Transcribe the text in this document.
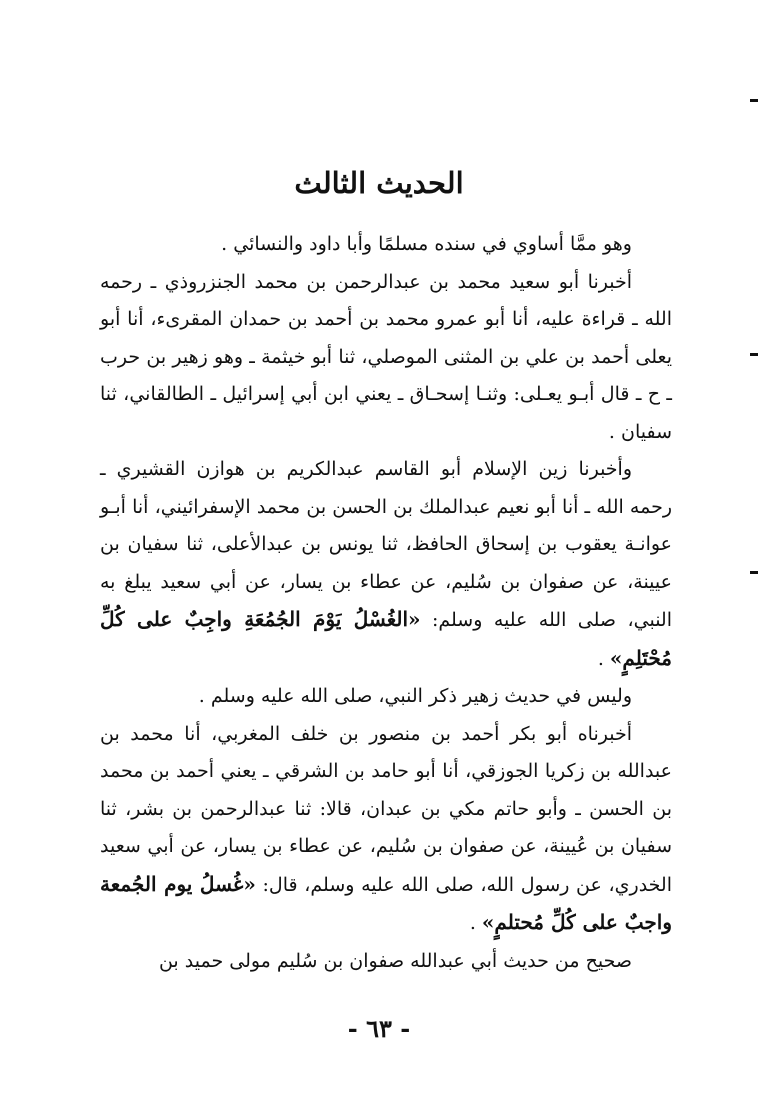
الحديث الثالث

وهو ممَّا أساوي في سنده مسلمًا وأبا داود والنسائي .

أخبرنا أبو سعيد محمد بن عبدالرحمن بن محمد الجنزروذي ـ رحمه الله ـ قراءة عليه، أنا أبو عمرو محمد بن أحمد بن حمدان المقرىء، أنا أبو يعلى أحمد بن علي بن المثنى الموصلي، ثنا أبو خيثمة ـ وهو زهير بن حرب ـ ح ـ قال أبـو يعـلى: وثنـا إسحـاق ـ يعني ابن أبي إسرائيل ـ الطالقاني، ثنا سفيان .

وأخبرنا زين الإسلام أبو القاسم عبدالكريم بن هوازن القشيري ـ رحمه الله ـ أنا أبو نعيم عبدالملك بن الحسن بن محمد الإسفرائيني، أنا أبـو عوانـة يعقوب بن إسحاق الحافظ، ثنا يونس بن عبدالأعلى، ثنا سفيان بن عيينة، عن صفوان بن سُليم، عن عطاء بن يسار، عن أبي سعيد يبلغ به النبي، صلى الله عليه وسلم: «الغُسْلُ يَوْمَ الجُمُعَةِ واجِبٌ على كُلِّ مُحْتَلِمٍ» .

وليس في حديث زهير ذكر النبي، صلى الله عليه وسلم .

أخبرناه أبو بكر أحمد بن منصور بن خلف المغربي، أنا محمد بن عبدالله بن زكريا الجوزقي، أنا أبو حامد بن الشرقي ـ يعني أحمد بن محمد بن الحسن ـ وأبو حاتم مكي بن عبدان، قالا: ثنا عبدالرحمن بن بشر، ثنا سفيان بن عُيينة، عن صفوان بن سُليم، عن عطاء بن يسار، عن أبي سعيد الخدري، عن رسول الله، صلى الله عليه وسلم، قال: «غُسلُ يوم الجُمعة واجبٌ على كُلِّ مُحتلمٍ» .

صحيح من حديث أبي عبدالله صفوان بن سُليم مولى حميد بن

- ٦٣ -
